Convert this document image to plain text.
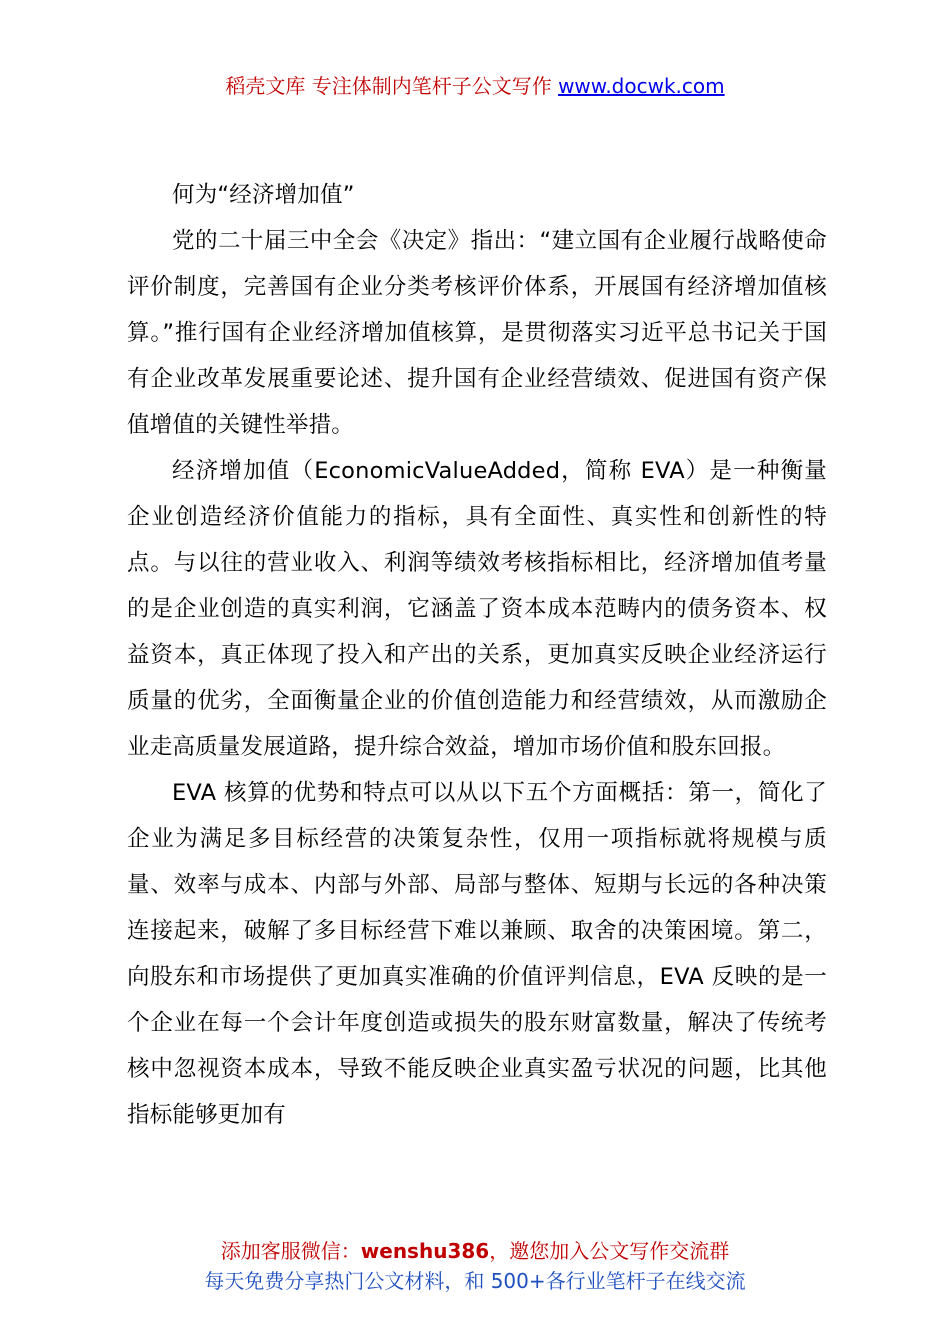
稻壳文库 专注体制内笔杆子公文写作 www.docwk.com

何为“经济增加值”

党的二十届三中全会《决定》指出：“建立国有企业履行战略使命评价制度，完善国有企业分类考核评价体系，开展国有经济增加值核算。”推行国有企业经济增加值核算，是贯彻落实习近平总书记关于国有企业改革发展重要论述、提升国有企业经营绩效、促进国有资产保值增值的关键性举措。

经济增加值（EconomicValueAdded，简称 EVA）是一种衡量企业创造经济价值能力的指标，具有全面性、真实性和创新性的特点。与以往的营业收入、利润等绩效考核指标相比，经济增加值考量的是企业创造的真实利润，它涵盖了资本成本范畴内的债务资本、权益资本，真正体现了投入和产出的关系，更加真实反映企业经济运行质量的优劣，全面衡量企业的价值创造能力和经营绩效，从而激励企业走高质量发展道路，提升综合效益，增加市场价值和股东回报。

EVA 核算的优势和特点可以从以下五个方面概括：第一，简化了企业为满足多目标经营的决策复杂性，仅用一项指标就将规模与质量、效率与成本、内部与外部、局部与整体、短期与长远的各种决策连接起来，破解了多目标经营下难以兼顾、取舍的决策困境。第二，向股东和市场提供了更加真实准确的价值评判信息，EVA 反映的是一个企业在每一个会计年度创造或损失的股东财富数量，解决了传统考核中忽视资本成本，导致不能反映企业真实盈亏状况的问题，比其他指标能够更加有

添加客服微信：wenshu386，邀您加入公文写作交流群
每天免费分享热门公文材料，和 500+各行业笔杆子在线交流
